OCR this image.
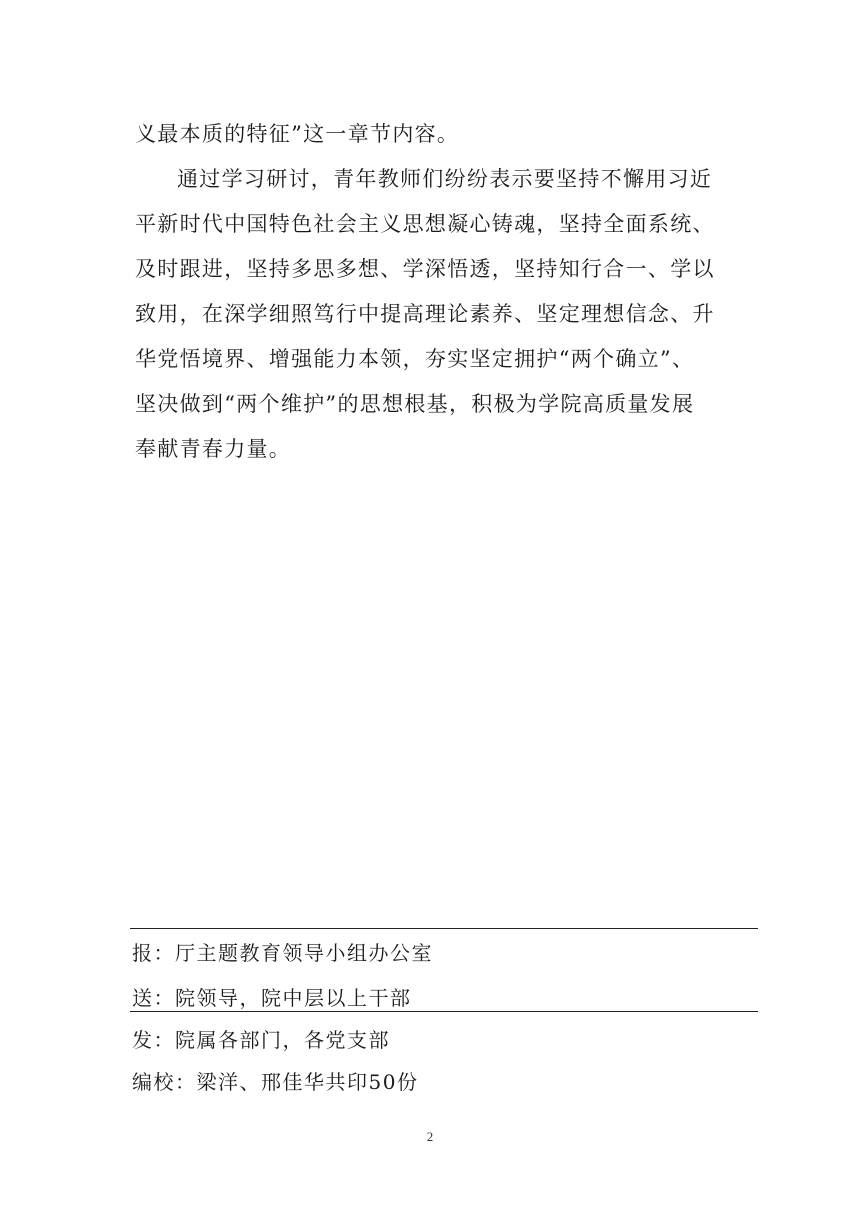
义最本质的特征”这一章节内容。
通过学习研讨，青年教师们纷纷表示要坚持不懈用习近
平新时代中国特色社会主义思想凝心铸魂，坚持全面系统、
及时跟进，坚持多思多想、学深悟透，坚持知行合一、学以
致用，在深学细照笃行中提高理论素养、坚定理想信念、升
华党悟境界、增强能力本领，夯实坚定拥护“两个确立”、
坚决做到“两个维护”的思想根基，积极为学院高质量发展
奉献青春力量。
报：厅主题教育领导小组办公室
送：院领导，院中层以上干部
发：院属各部门，各党支部
编校：梁洋、邢佳华共印50份
2
